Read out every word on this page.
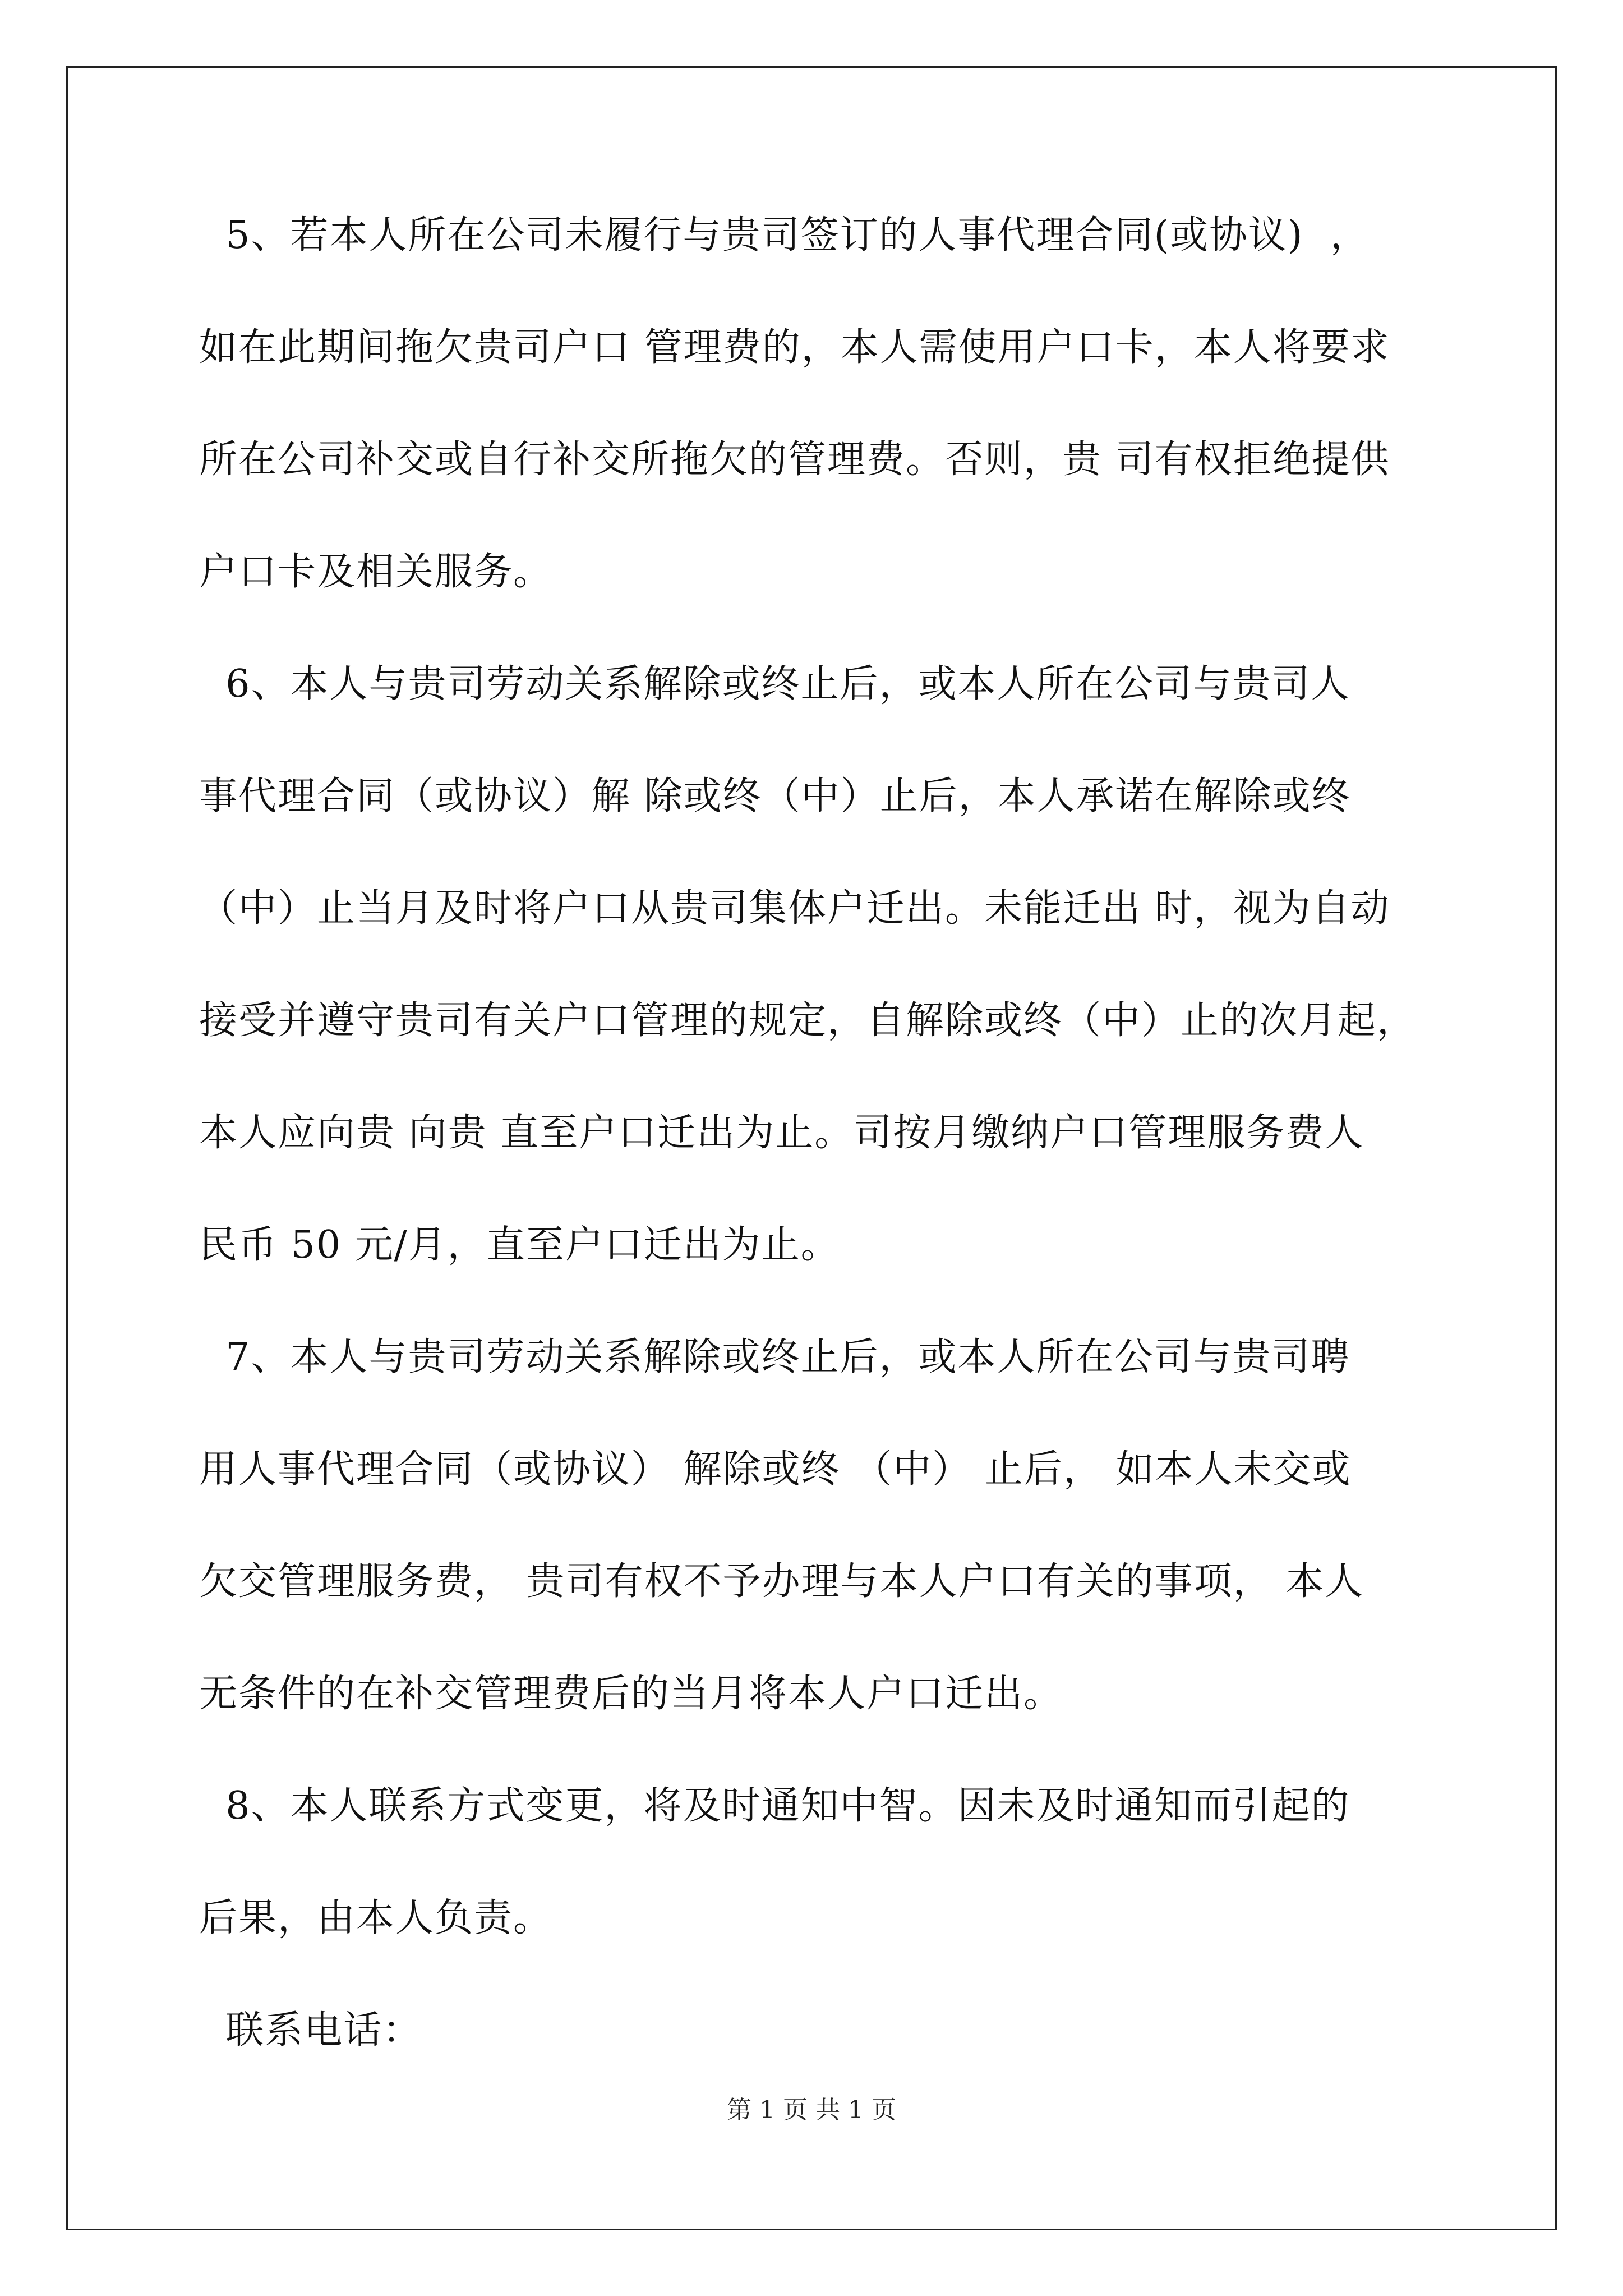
5、若本人所在公司未履行与贵司签订的人事代理合同(或协议)  ，
如在此期间拖欠贵司户口 管理费的，本人需使用户口卡，本人将要求
所在公司补交或自行补交所拖欠的管理费。否则，贵 司有权拒绝提供
户口卡及相关服务。
6、本人与贵司劳动关系解除或终止后，或本人所在公司与贵司人
事代理合同（或协议）解 除或终（中）止后，本人承诺在解除或终
（中）止当月及时将户口从贵司集体户迁出。未能迁出 时，视为自动
接受并遵守贵司有关户口管理的规定，自解除或终（中）止的次月起，
本人应向贵 向贵 直至户口迁出为止。司按月缴纳户口管理服务费人
民币 50 元/月，直至户口迁出为止。
7、本人与贵司劳动关系解除或终止后，或本人所在公司与贵司聘
用人事代理合同（或协议） 解除或终 （中） 止后， 如本人未交或
欠交管理服务费， 贵司有权不予办理与本人户口有关的事项， 本人
无条件的在补交管理费后的当月将本人户口迁出。
8、本人联系方式变更，将及时通知中智。因未及时通知而引起的
后果，由本人负责。
联系电话：
第 1 页 共 1 页
